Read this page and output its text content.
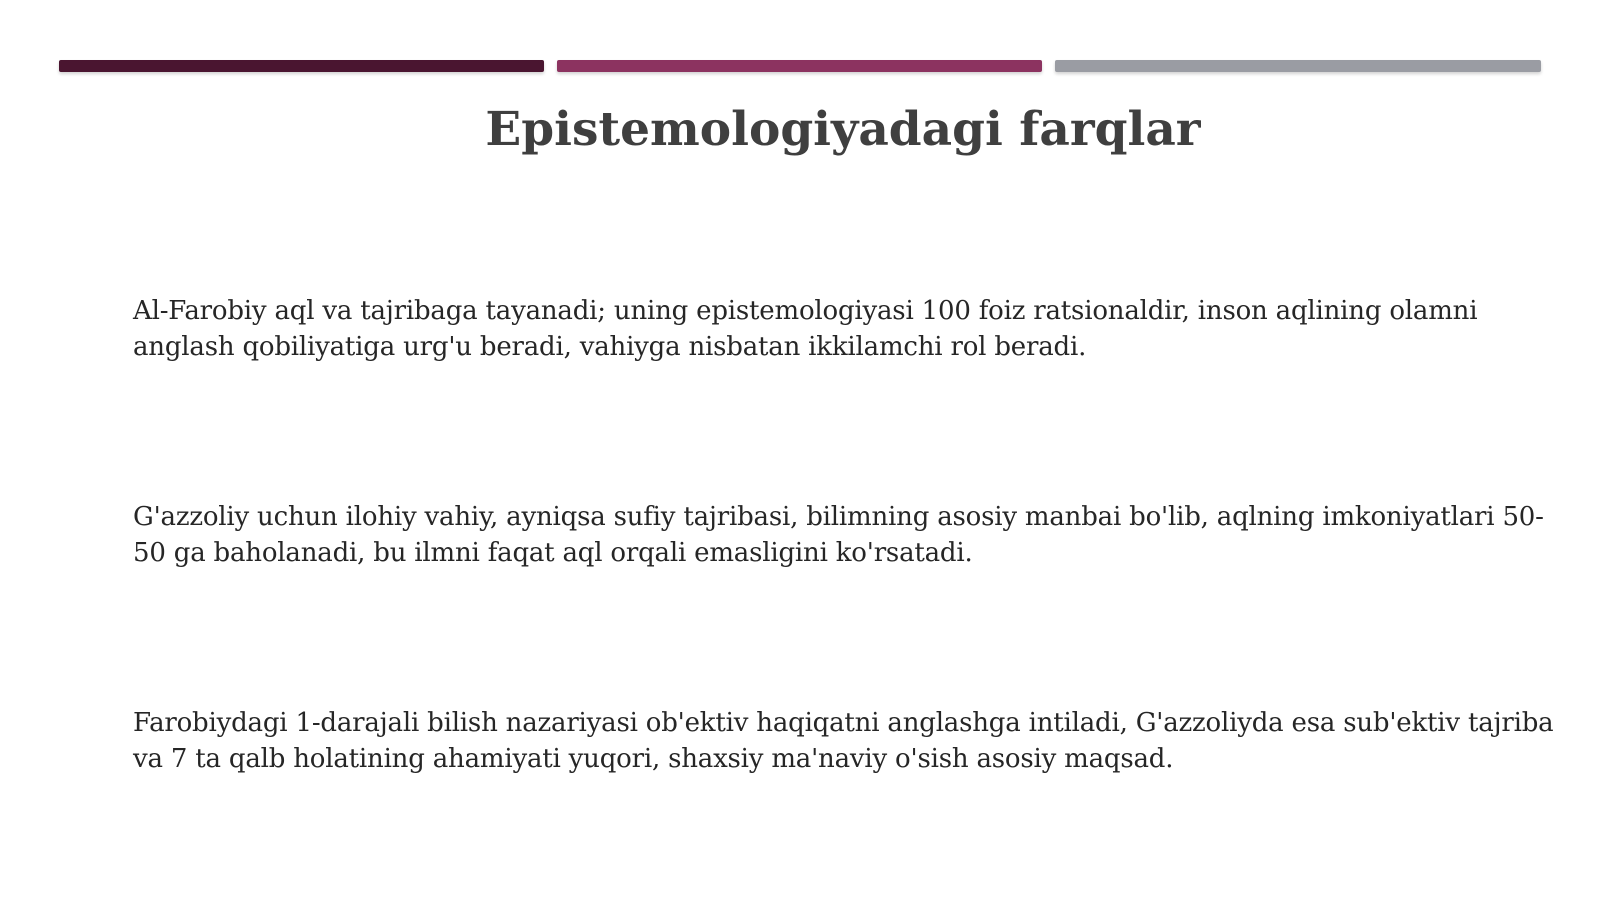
Epistemologiyadagi farqlar

Al-Farobiy aql va tajribaga tayanadi; uning epistemologiyasi 100 foiz ratsionaldir, inson aqlining olamni anglash qobiliyatiga urg'u beradi, vahiyga nisbatan ikkilamchi rol beradi.

G'azzoliy uchun ilohiy vahiy, ayniqsa sufiy tajribasi, bilimning asosiy manbai bo'lib, aqlning imkoniyatlari 50-50 ga baholanadi, bu ilmni faqat aql orqali emasligini ko'rsatadi.

Farobiydagi 1-darajali bilish nazariyasi ob'ektiv haqiqatni anglashga intiladi, G'azzoliyda esa sub'ektiv tajriba va 7 ta qalb holatining ahamiyati yuqori, shaxsiy ma'naviy o'sish asosiy maqsad.
